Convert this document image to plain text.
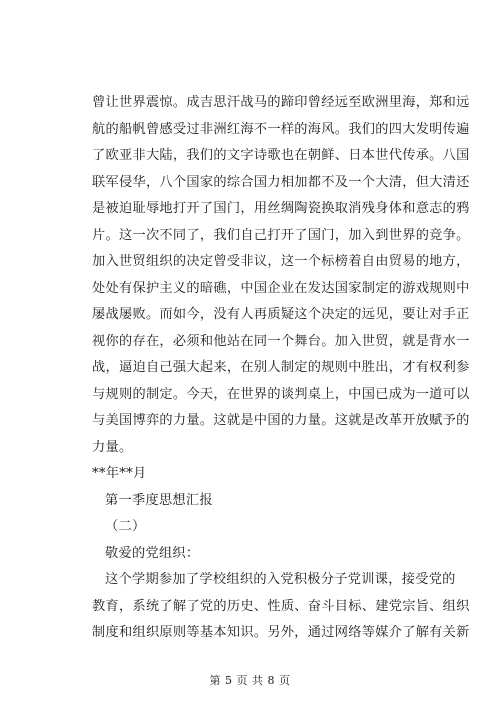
曾让世界震惊。成吉思汗战马的蹄印曾经远至欧洲里海，郑和远
航的船帆曾感受过非洲红海不一样的海风。我们的四大发明传遍
了欧亚非大陆，我们的文字诗歌也在朝鲜、日本世代传承。八国
联军侵华，八个国家的综合国力相加都不及一个大清，但大清还
是被迫耻辱地打开了国门，用丝绸陶瓷换取消残身体和意志的鸦
片。这一次不同了，我们自己打开了国门，加入到世界的竞争。
加入世贸组织的决定曾受非议，这一个标榜着自由贸易的地方，
处处有保护主义的暗礁，中国企业在发达国家制定的游戏规则中
屡战屡败。而如今，没有人再质疑这个决定的远见，要让对手正
视你的存在，必须和他站在同一个舞台。加入世贸，就是背水一
战，逼迫自己强大起来，在别人制定的规则中胜出，才有权利参
与规则的制定。今天，在世界的谈判桌上，中国已成为一道可以
与美国博弈的力量。这就是中国的力量。这就是改革开放赋予的
力量。
**年**月
第一季度思想汇报
（二）
敬爱的党组织：
这个学期参加了学校组织的入党积极分子党训课，接受党的
教育，系统了解了党的历史、性质、奋斗目标、建党宗旨、组织
制度和组织原则等基本知识。另外，通过网络等媒介了解有关新
第 5 页 共 8 页
